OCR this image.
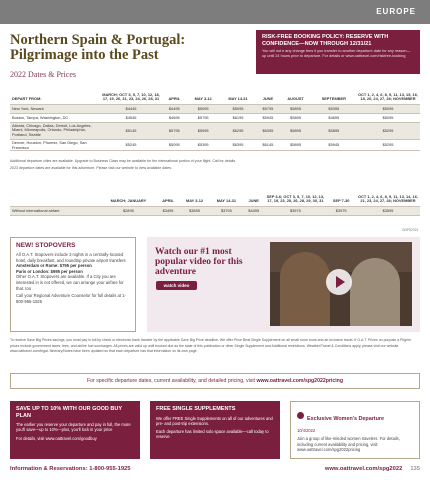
EUROPE
Northern Spain & Portugal: Pilgrimage into the Past
2022 Dates & Prices
RISK-FREE BOOKING POLICY: RESERVE WITH CONFIDENCE—NOW THROUGH 12/31/21
You will not e any change fees if you transfer to another departure date for any reason—up until 24 hours prior to departure. For details or www.oattravel.com/riskfree-booking
DEPART FROM:	MARCH; OCT 3, 5, 7, 10, 12, 18, 17, 19, 26, 21, 23, 24, 26, 28, 31	APRIL	MAY 3-12	MAY 14-31	JUNE	AUGUST	SEPTEMBER	OCT 1, 2, 4, 6, 8, 9, 11, 13, 15, 16, 18, 20, 24, 27, 28; NOVEMBER
New York, Newark	$4445	$4495	$5095	$5095	$5795	$5895	$5395	$5095
Boston, Tampa, Washington, DC	$4545	$4695	$5795	$6195	$5945	$5895	$4695	$5095
Atlanta, Chicago, Dallas, Detroit, Los Angeles, Miami, Minneapolis, Orlando, Philadelphia, Portland, Seattle	$5145	$5795	$5995	$6295	$6395	$5895	$5895	$5295
Denver, Houston, Phoenix, San Diego, San Francisco	$5245	$5095	$5395	$6395	$6145	$5895	$5945	$5295
Additional departure cities are available. Upgrade to Business Class may be available for the international portion of your flight. Call for details.
2023 departure dates are available for this adventure. Please visit our website to view available dates.
	MARCH; JANUARY	APRIL	MAY 3-12	MAY 14-31	JUNE	SEP 3-6; OCT 3, 5, 7, 10, 12, 13, 17, 19, 23, 25, 26, 28, 29, 30, 31	SEP 7-30	OCT 1, 2, 4, 6, 8, 9, 11, 13, 14, 16, 21, 23, 24, 27, 28; NOVEMBER
Without international airfare	$2895	$3495	$3895	$3795	$4495	$3975	$3975	$3595
GNPS2023
NEW! STOPOVERS

All O.A.T. Stopovers include 3 nights in a centrally-located hotel, daily breakfast, and roundtrip private airport transfers

Amsterdam or Rome: $795 per person

Paris or London: $995 per person

Other O.A.T. Stopovers are available. If a City you are interested in is not offered, we can arrange your airfare for that. too

Call your Regional Adventure Counselor for full details at 1-800-955-1925

Watch our #1 most popular video for this adventure
watch video
To receive Save Big Prices savings, you must pay in full by check or electronic bank transfer by the applicable Save Big Price deadline. We offer Price Beat Single Supplement on all small room tours and air-inclusive travel. If O.A.T. Prices on purpose a Pilgrim prices include government taxes, fees, and airline fuel surcharges. All prices are valid up until booked due as the state of this publication or other Single Supplement and Additional restrictions. Weather/Travel & Conditions apply, please visit our website www.oattravel.com/legal. Itinerary/Notes have been updated so that each departure has that information on its own page.
For specific departure dates, current availability, and detailed pricing, visit www.oattravel.com/spg2022pricing
SAVE UP TO 10% WITH OUR GOOD BUY PLAN
The earlier you reserve your departure and pay in full, the more you'll save—up to 10%—plus, you'll lock in your price
For details, visit www.oattravel.com/goodbuy
FREE SINGLE SUPPLEMENTS
We offer FREE Single Supplements on all of our adventures and pre- and post-trip extensions.
Each departure has limited solo space available—call today to reserve
Exclusive Women's Departure
10/4/2022
Join a group of like-minded women travelers. For details, including current availability and pricing, visit www.oattravel.com/spg2022pricing
Information & Reservations: 1-800-955-1925	www.oattravel.com/spg2022 135
